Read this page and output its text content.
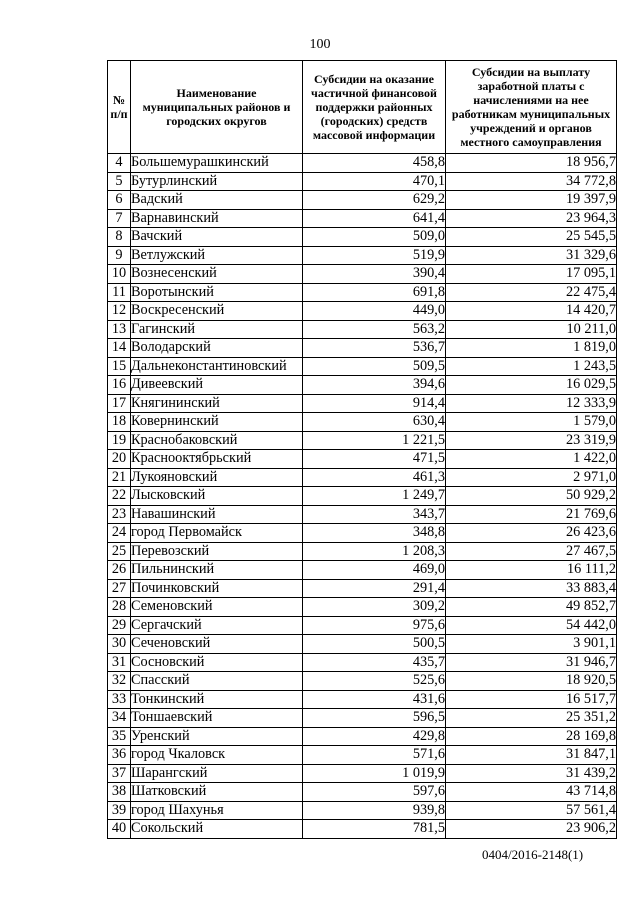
100
№ п/п	Наименование муниципальных районов и городских округов	Субсидии на оказание частичной финансовой поддержки районных (городских) средств массовой информации	Субсидии на выплату заработной платы с начислениями на нее работникам муниципальных учреждений и органов местного самоуправления
4	Большемурашкинский	458,8	18 956,7
5	Бутурлинский	470,1	34 772,8
6	Вадский	629,2	19 397,9
7	Варнавинский	641,4	23 964,3
8	Вачский	509,0	25 545,5
9	Ветлужский	519,9	31 329,6
10	Вознесенский	390,4	17 095,1
11	Воротынский	691,8	22 475,4
12	Воскресенский	449,0	14 420,7
13	Гагинский	563,2	10 211,0
14	Володарский	536,7	1 819,0
15	Дальнеконстантиновский	509,5	1 243,5
16	Дивеевский	394,6	16 029,5
17	Княгининский	914,4	12 333,9
18	Ковернинский	630,4	1 579,0
19	Краснобаковский	1 221,5	23 319,9
20	Краснооктябрьский	471,5	1 422,0
21	Лукояновский	461,3	2 971,0
22	Лысковский	1 249,7	50 929,2
23	Навашинский	343,7	21 769,6
24	город Первомайск	348,8	26 423,6
25	Перевозский	1 208,3	27 467,5
26	Пильнинский	469,0	16 111,2
27	Починковский	291,4	33 883,4
28	Семеновский	309,2	49 852,7
29	Сергачский	975,6	54 442,0
30	Сеченовский	500,5	3 901,1
31	Сосновский	435,7	31 946,7
32	Спасский	525,6	18 920,5
33	Тонкинский	431,6	16 517,7
34	Тоншаевский	596,5	25 351,2
35	Уренский	429,8	28 169,8
36	город Чкаловск	571,6	31 847,1
37	Шарангский	1 019,9	31 439,2
38	Шатковский	597,6	43 714,8
39	город Шахунья	939,8	57 561,4
40	Сокольский	781,5	23 906,2
0404/2016-2148(1)
